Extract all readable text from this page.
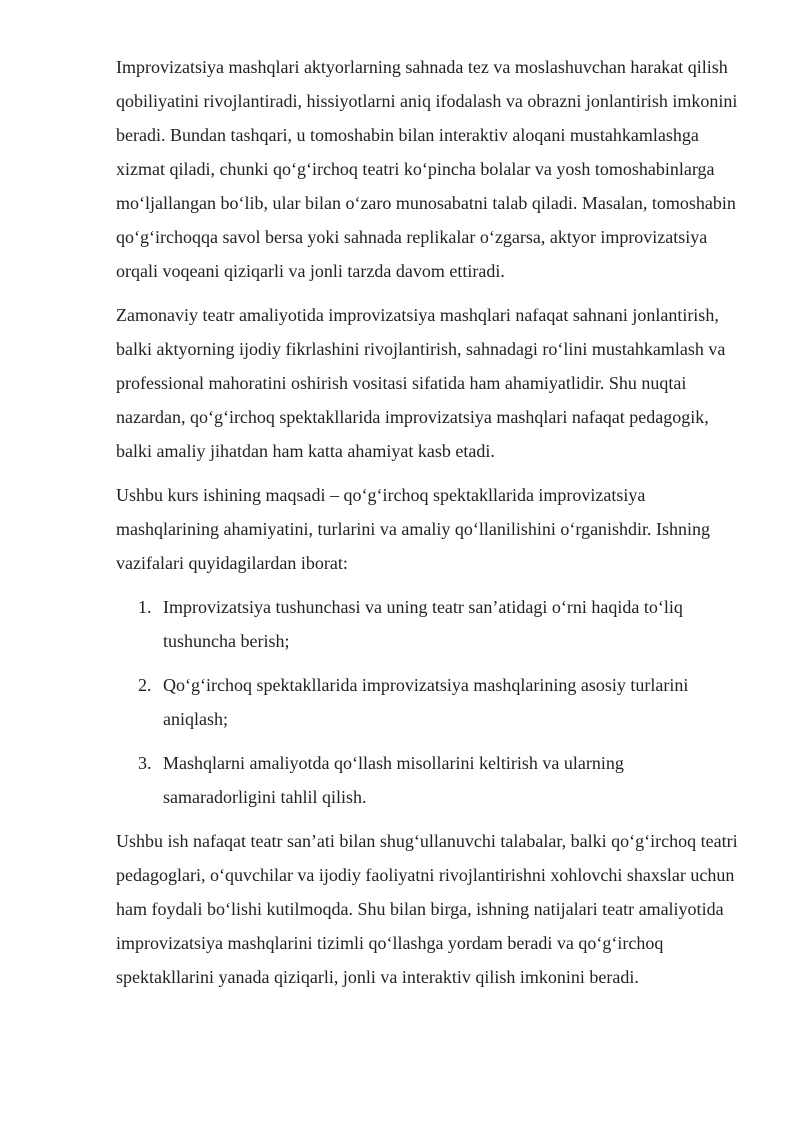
Improvizatsiya mashqlari aktyorlarning sahnada tez va moslashuvchan harakat qilish qobiliyatini rivojlantiradi, hissiyotlarni aniq ifodalash va obrazni jonlantirish imkonini beradi. Bundan tashqari, u tomoshabin bilan interaktiv aloqani mustahkamlashga xizmat qiladi, chunki qo‘g‘irchoq teatri ko‘pincha bolalar va yosh tomoshabinlarga mo‘ljallangan bo‘lib, ular bilan o‘zaro munosabatni talab qiladi. Masalan, tomoshabin qo‘g‘irchoqqa savol bersa yoki sahnada replikalar o‘zgarsa, aktyor improvizatsiya orqali voqeani qiziqarli va jonli tarzda davom ettiradi.

Zamonaviy teatr amaliyotida improvizatsiya mashqlari nafaqat sahnani jonlantirish, balki aktyorning ijodiy fikrlashini rivojlantirish, sahnadagi ro‘lini mustahkamlash va professional mahoratini oshirish vositasi sifatida ham ahamiyatlidir. Shu nuqtai nazardan, qo‘g‘irchoq spektakllarida improvizatsiya mashqlari nafaqat pedagogik, balki amaliy jihatdan ham katta ahamiyat kasb etadi.

Ushbu kurs ishining maqsadi – qo‘g‘irchoq spektakllarida improvizatsiya mashqlarining ahamiyatini, turlarini va amaliy qo‘llanilishini o‘rganishdir. Ishning vazifalari quyidagilardan iborat:

1. Improvizatsiya tushunchasi va uning teatr san’atidagi o‘rni haqida to‘liq tushuncha berish;
2. Qo‘g‘irchoq spektakllarida improvizatsiya mashqlarining asosiy turlarini aniqlash;
3. Mashqlarni amaliyotda qo‘llash misollarini keltirish va ularning samaradorligini tahlil qilish.

Ushbu ish nafaqat teatr san’ati bilan shug‘ullanuvchi talabalar, balki qo‘g‘irchoq teatri pedagoglari, o‘quvchilar va ijodiy faoliyatni rivojlantirishni xohlovchi shaxslar uchun ham foydali bo‘lishi kutilmoqda. Shu bilan birga, ishning natijalari teatr amaliyotida improvizatsiya mashqlarini tizimli qo‘llashga yordam beradi va qo‘g‘irchoq spektakllarini yanada qiziqarli, jonli va interaktiv qilish imkonini beradi.
